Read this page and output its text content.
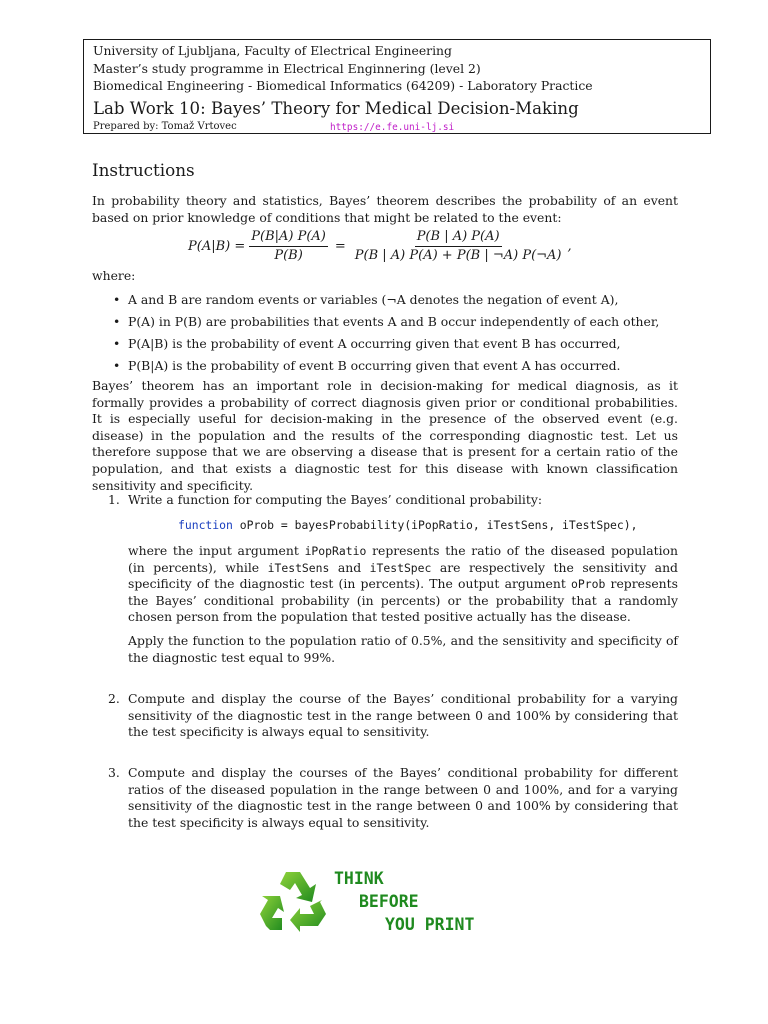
University of Ljubljana, Faculty of Electrical Engineering
Master’s study programme in Electrical Enginnering (level 2)
Biomedical Engineering - Biomedical Informatics (64209) - Laboratory Practice
Lab Work 10: Bayes’ Theory for Medical Decision-Making
Prepared by: Tomaž Vrtovec	https://e.fe.uni-lj.si
Instructions

In probability theory and statistics, Bayes’ theorem describes the probability of an event based on prior knowledge of conditions that might be related to the event:

$P(A|B) = \frac{P(B|A) P(A)}{P(B)} = \frac{P(B | A) P(A)}{P(B | A) P(A) + P(B | \neg A) P(\neg A)}$ ,
where:
• A and B are random events or variables (¬A denotes the negation of event A),
• P(A) in P(B) are probabilities that events A and B occur independently of each other,
• P(A|B) is the probability of event A occurring given that event B has occurred,
• P(B|A) is the probability of event B occurring given that event A has occurred.

Bayes’ theorem has an important role in decision-making for medical diagnosis, as it formally provides a probability of correct diagnosis given prior or conditional probabilities. It is especially useful for decision-making in the presence of the observed event (e.g. disease) in the population and the results of the corresponding diagnostic test. Let us therefore suppose that we are observing a disease that is present for a certain ratio of the population, and that exists a diagnostic test for this disease with known classification sensitivity and specificity.

1. Write a function for computing the Bayes’ conditional probability:

function oProb = bayesProbability(iPopRatio, iTestSens, iTestSpec),

where the input argument iPopRatio represents the ratio of the diseased population (in percents), while iTestSens and iTestSpec are respectively the sensitivity and specificity of the diagnostic test (in percents). The output argument oProb represents the Bayes’ conditional probability (in percents) or the probability that a randomly chosen person from the population that tested positive actually has the disease.

Apply the function to the population ratio of 0.5%, and the sensitivity and specificity of the diagnostic test equal to 99%.

2. Compute and display the course of the Bayes’ conditional probability for a varying sensitivity of the diagnostic test in the range between 0 and 100% by considering that the test specificity is always equal to sensitivity.

3. Compute and display the courses of the Bayes’ conditional probability for different ratios of the diseased population in the range between 0 and 100%, and for a varying sensitivity of the diagnostic test in the range between 0 and 100% by considering that the test specificity is always equal to sensitivity.

THINK
BEFORE
YOU PRINT
